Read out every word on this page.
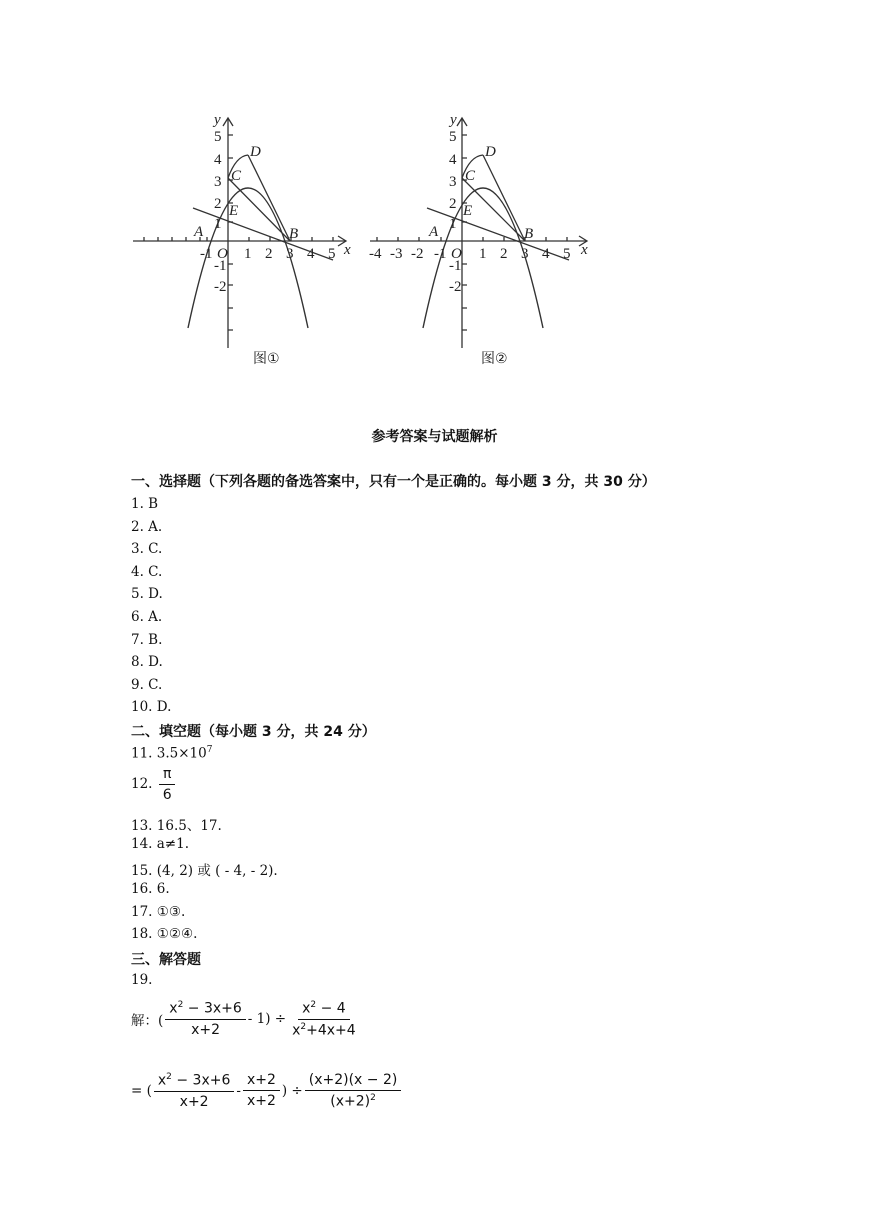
y
x
A	B
C
D
E
O
-1 1 2 3 4 5
5
4
3
2
1
-1
-2
图①
y
x
A	B
C
D
E
O
-4 -3 -2 -1 1 2 3 4 5
5
4
3
2
1
-1
-2
图②
参考答案与试题解析
一、选择题（下列各题的备选答案中，只有一个是正确的。每小题 3 分，共 30 分）
1. B
2. A.
3. C.
4. C.
5. D.
6. A.
7. B.
8. D.
9. C.
10. D.
二、填空题（每小题 3 分，共 24 分）
11. $3.5\times 10^7$
12. $\frac{\pi}{6}$
13. 16.5、17.
14. a≠1.
15. (4, 2) 或 ( - 4, - 2).
16. 6.
17. ①③.
18. ①②④.
三、解答题
19.
解：( $\frac{x^2 - 3x+6}{x+2} - 1) \div \frac{x^2 - 4}{x^2+4x+4}$
= ( $\frac{x^2 - 3x+6}{x+2} - \frac{x+2}{x+2}$ ) ÷ $\frac{(x+2)(x - 2)}{(x+2)^2}$
